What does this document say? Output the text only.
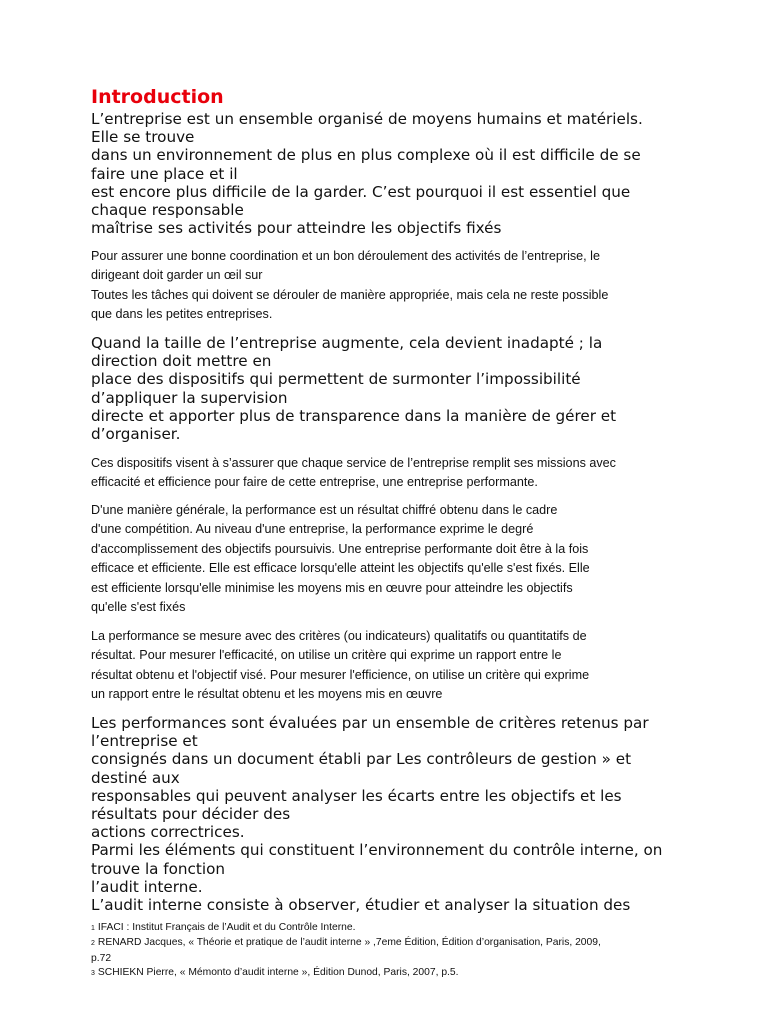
Introduction
L’entreprise est un ensemble organisé de moyens humains et matériels.
Elle se trouve
dans un environnement de plus en plus complexe où il est difficile de se
faire une place et il
est encore plus difficile de la garder. C’est pourquoi il est essentiel que
chaque responsable
maîtrise ses activités pour atteindre les objectifs fixés
Pour assurer une bonne coordination et un bon déroulement des activités de l’entreprise, le
dirigeant doit garder un œil sur
Toutes les tâches qui doivent se dérouler de manière appropriée, mais cela ne reste possible
que dans les petites entreprises.
Quand la taille de l’entreprise augmente, cela devient inadapté ; la
direction doit mettre en
place des dispositifs qui permettent de surmonter l’impossibilité
d’appliquer la supervision
directe et apporter plus de transparence dans la manière de gérer et
d’organiser.
Ces dispositifs visent à s’assurer que chaque service de l’entreprise remplit ses missions avec
efficacité et efficience pour faire de cette entreprise, une entreprise performante.
D'une manière générale, la performance est un résultat chiffré obtenu dans le cadre
d'une compétition. Au niveau d'une entreprise, la performance exprime le degré
d'accomplissement des objectifs poursuivis. Une entreprise performante doit être à la fois
efficace et efficiente. Elle est efficace lorsqu'elle atteint les objectifs qu'elle s'est fixés. Elle
est efficiente lorsqu'elle minimise les moyens mis en œuvre pour atteindre les objectifs
qu'elle s'est fixés
La performance se mesure avec des critères (ou indicateurs) qualitatifs ou quantitatifs de
résultat. Pour mesurer l'efficacité, on utilise un critère qui exprime un rapport entre le
résultat obtenu et l'objectif visé. Pour mesurer l'efficience, on utilise un critère qui exprime
un rapport entre le résultat obtenu et les moyens mis en œuvre
Les performances sont évaluées par un ensemble de critères retenus par
l’entreprise et
consignés dans un document établi par Les contrôleurs de gestion » et
destiné aux
responsables qui peuvent analyser les écarts entre les objectifs et les
résultats pour décider des
actions correctrices.
Parmi les éléments qui constituent l’environnement du contrôle interne, on
trouve la fonction
l’audit interne.
L’audit interne consiste à observer, étudier et analyser la situation des
1 IFACI : Institut Français de l’Audit et du Contrôle Interne.
2 RENARD Jacques, « Théorie et pratique de l’audit interne » ,7eme Édition, Édition d’organisation, Paris, 2009,
p.72
3 SCHIEKN Pierre, « Mémonto d’audit interne », Édition Dunod, Paris, 2007, p.5.
